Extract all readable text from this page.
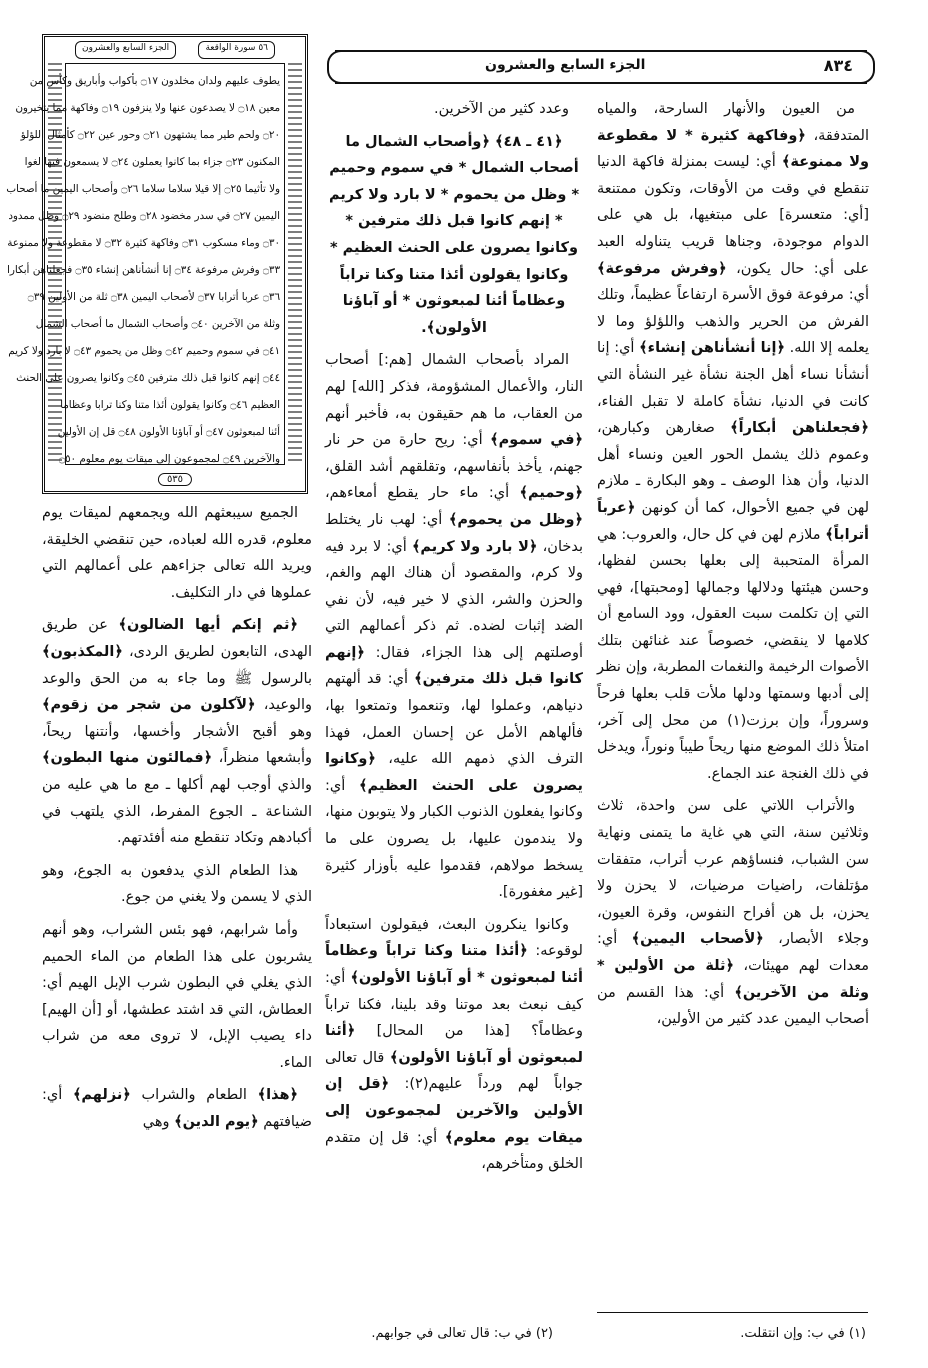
٨٣٤
الجزء السابع والعشرون
٥٦ سورة الواقعة
الجزء السابع والعشرون
يطوف عليهم ولدان مخلدون ۝١٧ بأكواب وأباريق وكأس من
معين ۝١٨ لا يصدعون عنها ولا ينزفون ۝١٩ وفاكهة مما يتخيرون
۝٢٠ ولحم طير مما يشتهون ۝٢١ وحور عين ۝٢٢ كأمثال اللؤلؤ
المكنون ۝٢٣ جزاء بما كانوا يعملون ۝٢٤ لا يسمعون فيها لغوا
ولا تأثيما ۝٢٥ إلا قيلا سلاما سلاما ۝٢٦ وأصحاب اليمين ما أصحاب
اليمين ۝٢٧ في سدر مخضود ۝٢٨ وطلح منضود ۝٢٩ وظل ممدود
۝٣٠ وماء مسكوب ۝٣١ وفاكهة كثيرة ۝٣٢ لا مقطوعة ولا ممنوعة
۝٣٣ وفرش مرفوعة ۝٣٤ إنا أنشأناهن إنشاء ۝٣٥ فجعلناهن أبكارا
۝٣٦ عربا أترابا ۝٣٧ لأصحاب اليمين ۝٣٨ ثلة من الأولين ۝٣٩
وثلة من الآخرين ۝٤٠ وأصحاب الشمال ما أصحاب الشمال
۝٤١ في سموم وحميم ۝٤٢ وظل من يحموم ۝٤٣ لا بارد ولا كريم
۝٤٤ إنهم كانوا قبل ذلك مترفين ۝٤٥ وكانوا يصرون على الحنث
العظيم ۝٤٦ وكانوا يقولون أئذا متنا وكنا ترابا وعظاما
أئنا لمبعوثون ۝٤٧ أو آباؤنا الأولون ۝٤٨ قل إن الأولين
والآخرين ۝٤٩ لمجموعون إلى ميقات يوم معلوم ۝٥٠
٥٣٥

من العيون والأنهار السارحة، والمياه المتدفقة، ﴿وفاكهة كثيرة * لا مقطوعة ولا ممنوعة﴾ أي: ليست بمنزلة فاكهة الدنيا تنقطع في وقت من الأوقات، وتكون ممتنعة [أي: متعسرة] على مبتغيها، بل هي على الدوام موجودة، وجناها قريب يتناوله العبد على أي: حال يكون، ﴿وفرش مرفوعة﴾ أي: مرفوعة فوق الأسرة ارتفاعاً عظيماً، وتلك الفرش من الحرير والذهب واللؤلؤ وما لا يعلمه إلا الله. ﴿إنا أنشأناهن إنشاء﴾ أي: إنا أنشأنا نساء أهل الجنة نشأة غير النشأة التي كانت في الدنيا، نشأة كاملة لا تقبل الفناء، ﴿فجعلناهن أبكاراً﴾ صغارهن وكبارهن، وعموم ذلك يشمل الحور العين ونساء أهل الدنيا، وأن هذا الوصف ـ وهو البكارة ـ ملازم لهن في جميع الأحوال، كما أن كونهن ﴿عرباً أتراباً﴾ ملازم لهن في كل حال، والعروب: هي المرأة المتحببة إلى بعلها بحسن لفظها، وحسن هيئتها ودلالها وجمالها [ومحبتها]، فهي التي إن تكلمت سبت العقول، وود السامع أن كلامها لا ينقضي، خصوصاً عند غنائهن بتلك الأصوات الرخيمة والنغمات المطربة، وإن نظر إلى أدبها وسمتها ودلها ملأت قلب بعلها فرحاً وسروراً، وإن برزت(١) من محل إلى آخر، امتلأ ذلك الموضع منها ريحاً طيباً ونوراً، ويدخل في ذلك الغنجة عند الجماع.

والأتراب اللاتي على سن واحدة، ثلاث وثلاثين سنة، التي هي غاية ما يتمنى ونهاية سن الشباب، فنساؤهم عرب أتراب، متفقات مؤتلفات، راضيات مرضيات، لا يحزن ولا يحزن، بل هن أفراح النفوس، وقرة العيون، وجلاء الأبصار، ﴿لأصحاب اليمين﴾ أي: معدات لهم مهيئات، ﴿ثلة من الأولين * وثلة من الآخرين﴾ أي: هذا القسم من أصحاب اليمين عدد كثير من الأولين،

وعدد كثير من الآخرين.

﴿٤١ ـ ٤٨﴾ ﴿وأصحاب الشمال ما أصحاب الشمال * في سموم وحميم * وظل من يحموم * لا بارد ولا كريم * إنهم كانوا قبل ذلك مترفين * وكانوا يصرون على الحنث العظيم * وكانوا يقولون أئذا متنا وكنا تراباً وعظاماً أئنا لمبعوثون * أو آباؤنا الأولون﴾.

المراد بأصحاب الشمال [هم:] أصحاب النار، والأعمال المشؤومة، فذكر [الله] لهم من العقاب، ما هم حقيقون به، فأخبر أنهم ﴿في سموم﴾ أي: ريح حارة من حر نار جهنم، يأخذ بأنفاسهم، وتقلقهم أشد القلق، ﴿وحميم﴾ أي: ماء حار يقطع أمعاءهم، ﴿وظل من يحموم﴾ أي: لهب نار يختلط بدخان، ﴿لا بارد ولا كريم﴾ أي: لا برد فيه ولا كرم، والمقصود أن هناك الهم والغم، والحزن والشر، الذي لا خير فيه، لأن نفي الضد إثبات لضده. ثم ذكر أعمالهم التي أوصلتهم إلى هذا الجزاء، فقال: ﴿إنهم كانوا قبل ذلك مترفين﴾ أي: قد ألهتهم دنياهم، وعملوا لها، وتنعموا وتمتعوا بها، فألهاهم الأمل عن إحسان العمل، فهذا الترف الذي ذمهم الله عليه، ﴿وكانوا يصرون على الحنث العظيم﴾ أي: وكانوا يفعلون الذنوب الكبار ولا يتوبون منها، ولا يندمون عليها، بل يصرون على ما يسخط مولاهم، فقدموا عليه بأوزار كثيرة [غير مغفورة].

وكانوا ينكرون البعث، فيقولون استبعاداً لوقوعه: ﴿أئذا متنا وكنا تراباً وعظاماً أئنا لمبعوثون * أو آباؤنا الأولون﴾ أي: كيف نبعث بعد موتنا وقد بلينا، فكنا تراباً وعظاماً؟ [هذا من المحال] ﴿أئنا لمبعوثون أو آباؤنا الأولون﴾ قال تعالى جواباً لهم ورداً عليهم(٢): ﴿قل إن الأولين والآخرين لمجموعون إلى ميقات يوم معلوم﴾ أي: قل إن متقدم الخلق ومتأخرهم،

الجميع سيبعثهم الله ويجمعهم لميقات يوم معلوم، قدره الله لعباده، حين تنقضي الخليقة، ويريد الله تعالى جزاءهم على أعمالهم التي عملوها في دار التكليف.

﴿ثم إنكم أيها الضالون﴾ عن طريق الهدى، التابعون لطريق الردى، ﴿المكذبون﴾ بالرسول ﷺ وما جاء به من الحق والوعد والوعيد، ﴿لآكلون من شجر من زقوم﴾ وهو أقبح الأشجار وأخسها، وأنتنها ريحاً، وأبشعها منظراً، ﴿فمالئون منها البطون﴾ والذي أوجب لهم أكلها ـ مع ما هي عليه من الشناعة ـ الجوع المفرط، الذي يلتهب في أكبادهم وتكاد تنقطع منه أفئدتهم.

هذا الطعام الذي يدفعون به الجوع، وهو الذي لا يسمن ولا يغني من جوع.

وأما شرابهم، فهو بئس الشراب، وهو أنهم يشربون على هذا الطعام من الماء الحميم الذي يغلي في البطون شرب الإبل الهيم أي: العطاش، التي قد اشتد عطشها، أو [أن الهيم] داء يصيب الإبل، لا تروى معه من شراب الماء.

﴿هذا﴾ الطعام والشراب ﴿نزلهم﴾ أي: ضيافتهم ﴿يوم الدين﴾ وهي

(١) في ب: وإن انتقلت.
(٢) في ب: قال تعالى في جوابهم.
